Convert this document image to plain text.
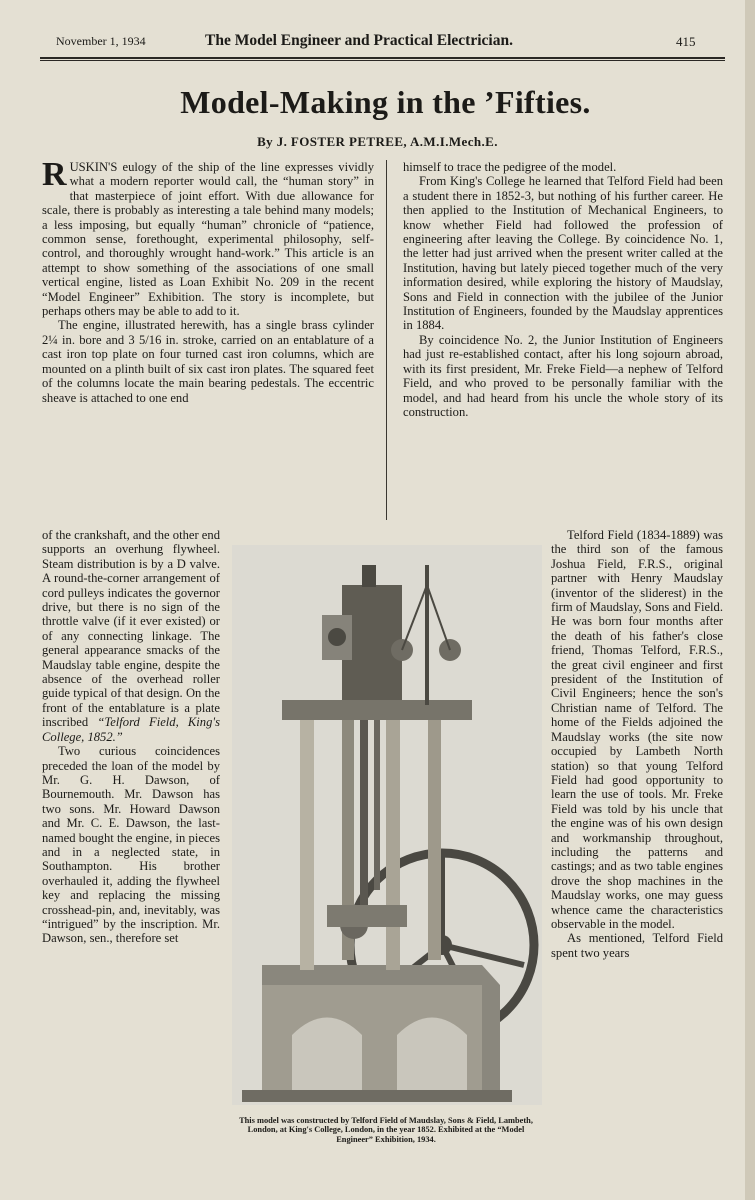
November 1, 1934	The Model Engineer and Practical Electrician.	415
Model-Making in the ’Fifties.
By J. FOSTER PETREE, A.M.I.Mech.E.

RUSKIN'S eulogy of the ship of the line expresses vividly what a modern reporter would call, the “human story” in that masterpiece of joint effort. With due allowance for scale, there is probably as interesting a tale behind many models; a less imposing, but equally “human” chronicle of “patience, common sense, forethought, experimental philosophy, self-control, and thoroughly wrought hand-work.” This article is an attempt to show something of the associations of one small vertical engine, listed as Loan Exhibit No. 209 in the recent “Model Engineer” Exhibition. The story is incomplete, but perhaps others may be able to add to it.

The engine, illustrated herewith, has a single brass cylinder 2¼ in. bore and 3 5/16 in. stroke, carried on an entablature of a cast iron top plate on four turned cast iron columns, which are mounted on a plinth built of six cast iron plates. The squared feet of the columns locate the main bearing pedestals. The eccentric sheave is attached to one end

himself to trace the pedigree of the model.

From King's College he learned that Telford Field had been a student there in 1852-3, but nothing of his further career. He then applied to the Institution of Mechanical Engineers, to know whether Field had followed the profession of engineering after leaving the College. By coincidence No. 1, the letter had just arrived when the present writer called at the Institution, having but lately pieced together much of the very information desired, while exploring the history of Maudslay, Sons and Field in connection with the jubilee of the Junior Institution of Engineers, founded by the Maudslay apprentices in 1884.

By coincidence No. 2, the Junior Institution of Engineers had just re-established contact, after his long sojourn abroad, with its first president, Mr. Freke Field—a nephew of Telford Field, and who proved to be personally familiar with the model, and had heard from his uncle the whole story of its construction.

of the crankshaft, and the other end supports an overhung flywheel. Steam distribution is by a D valve. A round-the-corner arrangement of cord pulleys indicates the governor drive, but there is no sign of the throttle valve (if it ever existed) or of any connecting linkage. The general appearance smacks of the Maudslay table engine, despite the absence of the overhead roller guide typical of that design. On the front of the entablature is a plate inscribed “Telford Field, King's College, 1852.”

Two curious coincidences preceded the loan of the model by Mr. G. H. Dawson, of Bournemouth. Mr. Dawson has two sons. Mr. Howard Dawson and Mr. C. E. Dawson, the last-named bought the engine, in pieces and in a neglected state, in Southampton. His brother overhauled it, adding the flywheel key and replacing the missing crosshead-pin, and, inevitably, was “intrigued” by the inscription. Mr. Dawson, sen., therefore set

Telford Field (1834-1889) was the third son of the famous Joshua Field, F.R.S., original partner with Henry Maudslay (inventor of the sliderest) in the firm of Maudslay, Sons and Field. He was born four months after the death of his father's close friend, Thomas Telford, F.R.S., the great civil engineer and first president of the Institution of Civil Engineers; hence the son's Christian name of Telford. The home of the Fields adjoined the Maudslay works (the site now occupied by Lambeth North station) so that young Telford Field had good opportunity to learn the use of tools. Mr. Freke Field was told by his uncle that the engine was of his own design and workmanship throughout, including the patterns and castings; and as two table engines drove the shop machines in the Maudslay works, one may guess whence came the characteristics observable in the model.

As mentioned, Telford Field spent two years

This model was constructed by Telford Field of Maudslay, Sons & Field, Lambeth, London, at King's College, London, in the year 1852. Exhibited at the “Model Engineer” Exhibition, 1934.
